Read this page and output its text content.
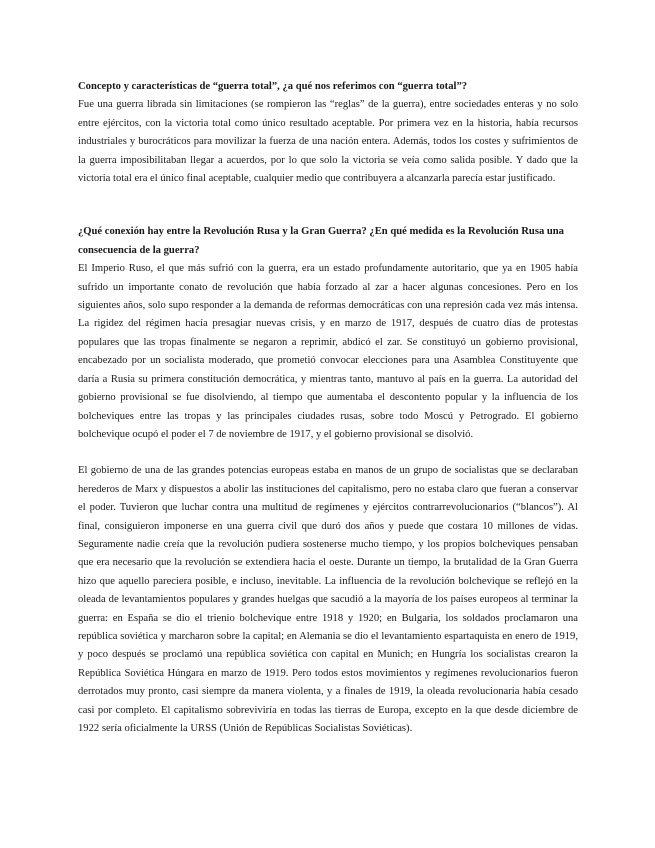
Concepto y características de “guerra total”, ¿a qué nos referimos con “guerra total”?

Fue una guerra librada sin limitaciones (se rompieron las “reglas” de la guerra), entre sociedades enteras y no solo entre ejércitos, con la victoria total como único resultado aceptable. Por primera vez en la historia, había recursos industriales y burocráticos para movilizar la fuerza de una nación entera. Además, todos los costes y sufrimientos de la guerra imposibilitaban llegar a acuerdos, por lo que solo la victoria se veía como salida posible. Y dado que la victoria total era el único final aceptable, cualquier medio que contribuyera a alcanzarla parecía estar justificado.

¿Qué conexión hay entre la Revolución Rusa y la Gran Guerra? ¿En qué medida es la Revolución Rusa una consecuencia de la guerra?

El Imperio Ruso, el que más sufrió con la guerra, era un estado profundamente autoritario, que ya en 1905 había sufrido un importante conato de revolución que había forzado al zar a hacer algunas concesiones. Pero en los siguientes años, solo supo responder a la demanda de reformas democráticas con una represión cada vez más intensa. La rigidez del régimen hacía presagiar nuevas crisis, y en marzo de 1917, después de cuatro días de protestas populares que las tropas finalmente se negaron a reprimir, abdicó el zar. Se constituyó un gobierno provisional, encabezado por un socialista moderado, que prometió convocar elecciones para una Asamblea Constituyente que daría a Rusia su primera constitución democrática, y mientras tanto, mantuvo al país en la guerra. La autoridad del gobierno provisional se fue disolviendo, al tiempo que aumentaba el descontento popular y la influencia de los bolcheviques entre las tropas y las principales ciudades rusas, sobre todo Moscú y Petrogrado. El gobierno bolchevique ocupó el poder el 7 de noviembre de 1917, y el gobierno provisional se disolvió.

El gobierno de una de las grandes potencias europeas estaba en manos de un grupo de socialistas que se declaraban herederos de Marx y dispuestos a abolir las instituciones del capitalismo, pero no estaba claro que fueran a conservar el poder. Tuvieron que luchar contra una multitud de regímenes y ejércitos contrarrevolucionarios (“blancos”). Al final, consiguieron imponerse en una guerra civil que duró dos años y puede que costara 10 millones de vidas. Seguramente nadie creía que la revolución pudiera sostenerse mucho tiempo, y los propios bolcheviques pensaban que era necesario que la revolución se extendiera hacia el oeste. Durante un tiempo, la brutalidad de la Gran Guerra hizo que aquello pareciera posible, e incluso, inevitable. La influencia de la revolución bolchevique se reflejó en la oleada de levantamientos populares y grandes huelgas que sacudió a la mayoría de los países europeos al terminar la guerra: en España se dio el trienio bolchevique entre 1918 y 1920; en Bulgaria, los soldados proclamaron una república soviética y marcharon sobre la capital; en Alemania se dio el levantamiento espartaquista en enero de 1919, y poco después se proclamó una república soviética con capital en Munich; en Hungría los socialistas crearon la República Soviética Húngara en marzo de 1919. Pero todos estos movimientos y regímenes revolucionarios fueron derrotados muy pronto, casi siempre da manera violenta, y a finales de 1919, la oleada revolucionaria había cesado casi por completo. El capitalismo sobreviviría en todas las tierras de Europa, excepto en la que desde diciembre de 1922 sería oficialmente la URSS (Unión de Repúblicas Socialistas Soviéticas).
